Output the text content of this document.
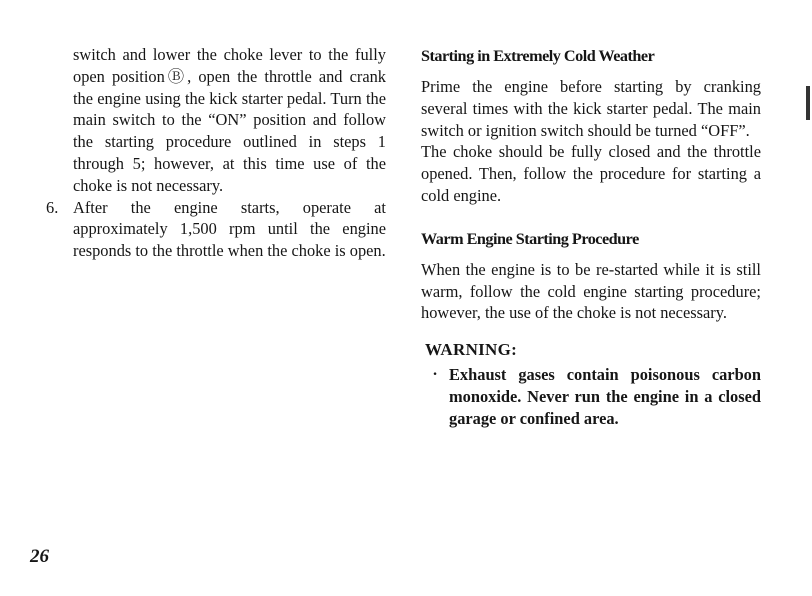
switch and lower the choke lever to the fully open positionⒷ, open the throttle and crank the engine using the kick starter pedal. Turn the main switch to the “ON” position and follow the starting procedure outlined in steps 1 through 5; however, at this time use of the choke is not necessary.

6. After the engine starts, operate at approximately 1,500 rpm until the engine responds to the throttle when the choke is open.
Starting in Extremely Cold Weather

Prime the engine before starting by cranking several times with the kick starter pedal. The main switch or ignition switch should be turned “OFF”.

The choke should be fully closed and the throttle opened. Then, follow the procedure for starting a cold engine.

Warm Engine Starting Procedure

When the engine is to be re-started while it is still warm, follow the cold engine starting procedure; however, the use of the choke is not necessary.

WARNING:
· Exhaust gases contain poisonous carbon monoxide. Never run the engine in a closed garage or confined area.
26
